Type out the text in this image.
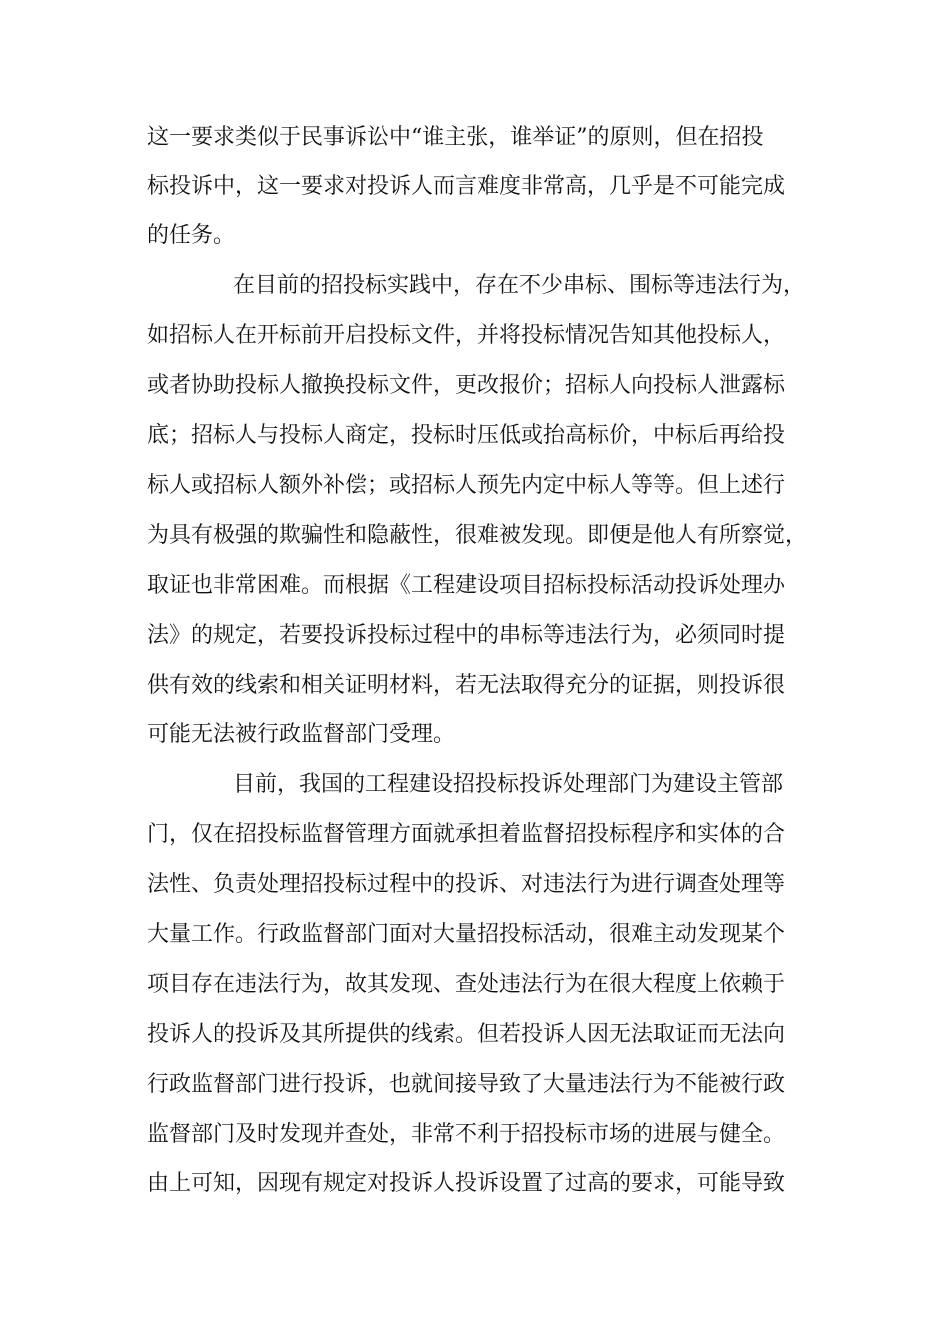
这一要求类似于民事诉讼中“谁主张，谁举证”的原则，但在招投
标投诉中，这一要求对投诉人而言难度非常高，几乎是不可能完成
的任务。
在目前的招投标实践中，存在不少串标、围标等违法行为，
如招标人在开标前开启投标文件，并将投标情况告知其他投标人，
或者协助投标人撤换投标文件，更改报价；招标人向投标人泄露标
底；招标人与投标人商定，投标时压低或抬高标价，中标后再给投
标人或招标人额外补偿；或招标人预先内定中标人等等。但上述行
为具有极强的欺骗性和隐蔽性，很难被发现。即便是他人有所察觉，
取证也非常困难。而根据《工程建设项目招标投标活动投诉处理办
法》的规定，若要投诉投标过程中的串标等违法行为，必须同时提
供有效的线索和相关证明材料，若无法取得充分的证据，则投诉很
可能无法被行政监督部门受理。
目前，我国的工程建设招投标投诉处理部门为建设主管部
门，仅在招投标监督管理方面就承担着监督招投标程序和实体的合
法性、负责处理招投标过程中的投诉、对违法行为进行调查处理等
大量工作。行政监督部门面对大量招投标活动，很难主动发现某个
项目存在违法行为，故其发现、查处违法行为在很大程度上依赖于
投诉人的投诉及其所提供的线索。但若投诉人因无法取证而无法向
行政监督部门进行投诉，也就间接导致了大量违法行为不能被行政
监督部门及时发现并查处，非常不利于招投标市场的进展与健全。
由上可知，因现有规定对投诉人投诉设置了过高的要求，可能导致
